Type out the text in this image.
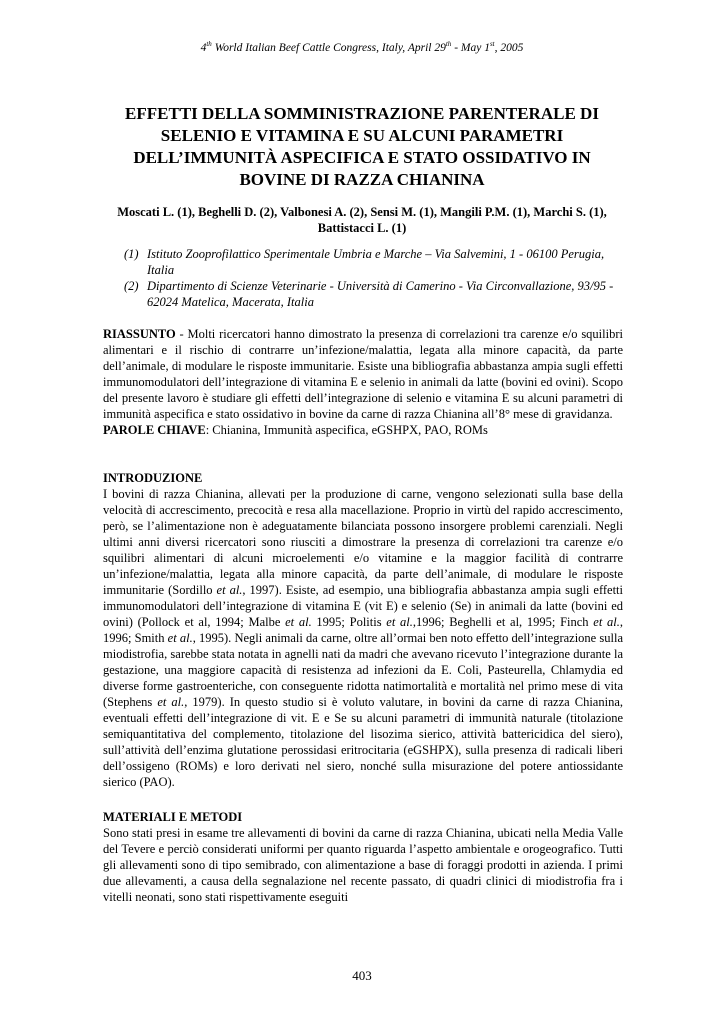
4th World Italian Beef Cattle Congress, Italy, April 29th - May 1st, 2005
EFFETTI DELLA SOMMINISTRAZIONE PARENTERALE DI
SELENIO E VITAMINA E SU ALCUNI PARAMETRI
DELL’IMMUNITÀ ASPECIFICA E STATO OSSIDATIVO IN
BOVINE DI RAZZA CHIANINA
Moscati L. (1), Beghelli D. (2), Valbonesi A. (2), Sensi M. (1), Mangili P.M. (1), Marchi S. (1), Battistacci L. (1)
(1) Istituto Zooprofilattico Sperimentale Umbria e Marche – Via Salvemini, 1 - 06100 Perugia, Italia
(2) Dipartimento di Scienze Veterinarie - Università di Camerino - Via Circonvallazione, 93/95 - 62024 Matelica, Macerata, Italia

RIASSUNTO - Molti ricercatori hanno dimostrato la presenza di correlazioni tra carenze e/o squilibri alimentari e il rischio di contrarre un’infezione/malattia, legata alla minore capacità, da parte dell’animale, di modulare le risposte immunitarie. Esiste una bibliografia abbastanza ampia sugli effetti immunomodulatori dell’integrazione di vitamina E e selenio in animali da latte (bovini ed ovini). Scopo del presente lavoro è studiare gli effetti dell’integrazione di selenio e vitamina E su alcuni parametri di immunità aspecifica e stato ossidativo in bovine da carne di razza Chianina all’8° mese di gravidanza.

PAROLE CHIAVE: Chianina, Immunità aspecifica, eGSHPX, PAO, ROMs

INTRODUZIONE

I bovini di razza Chianina, allevati per la produzione di carne, vengono selezionati sulla base della velocità di accrescimento, precocità e resa alla macellazione. Proprio in virtù del rapido accrescimento, però, se l’alimentazione non è adeguatamente bilanciata possono insorgere problemi carenziali. Negli ultimi anni diversi ricercatori sono riusciti a dimostrare la presenza di correlazioni tra carenze e/o squilibri alimentari di alcuni microelementi e/o vitamine e la maggior facilità di contrarre un’infezione/malattia, legata alla minore capacità, da parte dell’animale, di modulare le risposte immunitarie (Sordillo et al., 1997). Esiste, ad esempio, una bibliografia abbastanza ampia sugli effetti immunomodulatori dell’integrazione di vitamina E (vit E) e selenio (Se) in animali da latte (bovini ed ovini) (Pollock et al, 1994; Malbe et al. 1995; Politis et al.,1996; Beghelli et al, 1995; Finch et al., 1996; Smith et al., 1995). Negli animali da carne, oltre all’ormai ben noto effetto dell’integrazione sulla miodistrofia, sarebbe stata notata in agnelli nati da madri che avevano ricevuto l’integrazione durante la gestazione, una maggiore capacità di resistenza ad infezioni da E. Coli, Pasteurella, Chlamydia ed diverse forme gastroenteriche, con conseguente ridotta natimortalità e mortalità nel primo mese di vita (Stephens et al., 1979). In questo studio si è voluto valutare, in bovini da carne di razza Chianina, eventuali effetti dell’integrazione di vit. E e Se su alcuni parametri di immunità naturale (titolazione semiquantitativa del complemento, titolazione del lisozima sierico, attività battericidica del siero), sull’attività dell’enzima glutatione perossidasi eritrocitaria (eGSHPX), sulla presenza di radicali liberi dell’ossigeno (ROMs) e loro derivati nel siero, nonché sulla misurazione del potere antiossidante sierico (PAO).

MATERIALI E METODI

Sono stati presi in esame tre allevamenti di bovini da carne di razza Chianina, ubicati nella Media Valle del Tevere e perciò considerati uniformi per quanto riguarda l’aspetto ambientale e orogeografico. Tutti gli allevamenti sono di tipo semibrado, con alimentazione a base di foraggi prodotti in azienda. I primi due allevamenti, a causa della segnalazione nel recente passato, di quadri clinici di miodistrofia fra i vitelli neonati, sono stati rispettivamente eseguiti

403
